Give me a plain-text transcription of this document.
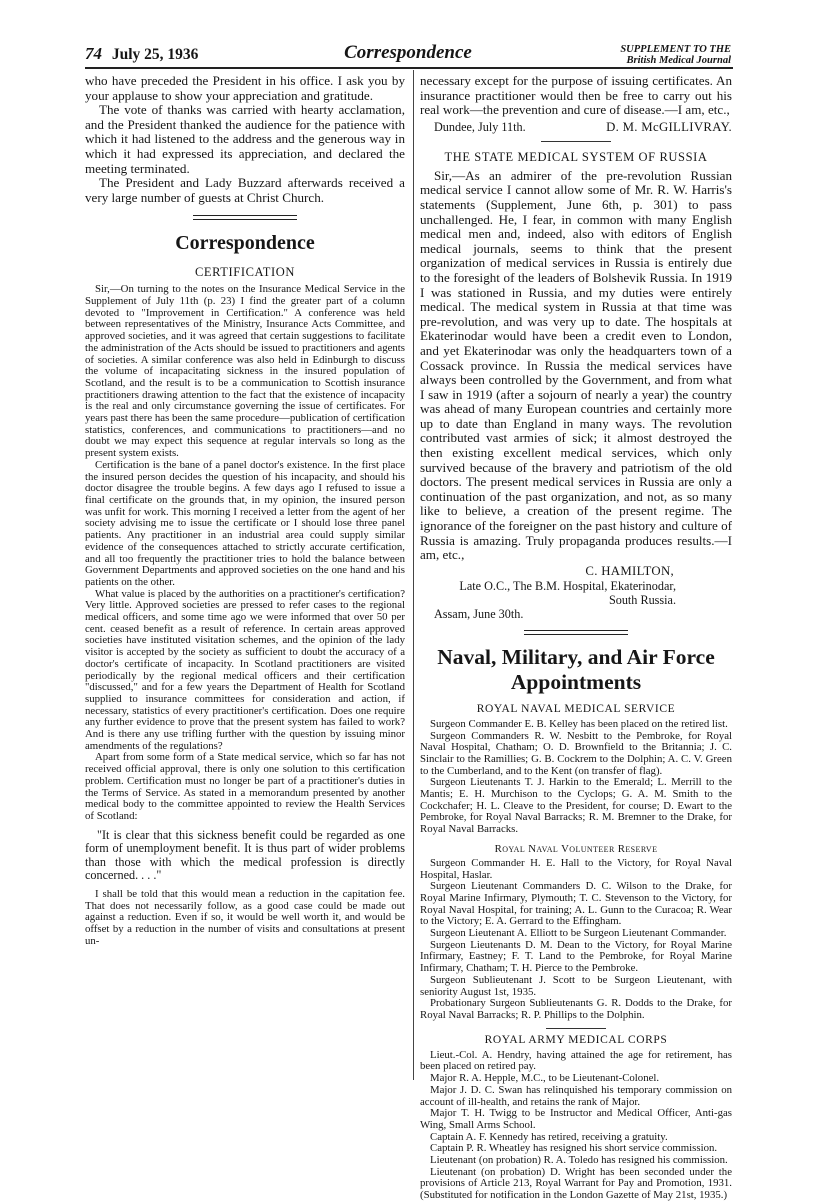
74 July 25, 1936	Correspondence	SUPPLEMENT TO THE
British Medical Journal

who have preceded the President in his office. I ask you by your applause to show your appreciation and gratitude.

The vote of thanks was carried with hearty acclamation, and the President thanked the audience for the patience with which it had listened to the address and the generous way in which it had expressed its appreciation, and declared the meeting terminated.

The President and Lady Buzzard afterwards received a very large number of guests at Christ Church.

Correspondence
CERTIFICATION

Sir,—On turning to the notes on the Insurance Medical Service in the Supplement of July 11th (p. 23) I find the greater part of a column devoted to "Improvement in Certification." A conference was held between representatives of the Ministry, Insurance Acts Committee, and approved societies, and it was agreed that certain suggestions to facilitate the administration of the Acts should be issued to practitioners and agents of societies. A similar conference was also held in Edinburgh to discuss the volume of incapacitating sickness in the insured population of Scotland, and the result is to be a communication to Scottish insurance practitioners drawing attention to the fact that the existence of incapacity is the real and only circumstance governing the issue of certificates. For years past there has been the same procedure—publication of certification statistics, conferences, and communications to practitioners—and no doubt we may expect this sequence at regular intervals so long as the present system exists.

Certification is the bane of a panel doctor's existence. In the first place the insured person decides the question of his incapacity, and should his doctor disagree the trouble begins. A few days ago I refused to issue a final certificate on the grounds that, in my opinion, the insured person was unfit for work. This morning I received a letter from the agent of her society advising me to issue the certificate or I should lose three panel patients. Any practitioner in an industrial area could supply similar evidence of the consequences attached to strictly accurate certification, and all too frequently the practitioner tries to hold the balance between Government Departments and approved societies on the one hand and his patients on the other.

What value is placed by the authorities on a practitioner's certification? Very little. Approved societies are pressed to refer cases to the regional medical officers, and some time ago we were informed that over 50 per cent. ceased benefit as a result of reference. In certain areas approved societies have instituted visitation schemes, and the opinion of the lady visitor is accepted by the society as sufficient to doubt the accuracy of a doctor's certificate of incapacity. In Scotland practitioners are visited periodically by the regional medical officers and their certification "discussed," and for a few years the Department of Health for Scotland supplied to insurance committees for consideration and action, if necessary, statistics of every practitioner's certification. Does one require any further evidence to prove that the present system has failed to work? And is there any use trifling further with the question by issuing minor amendments of the regulations?

Apart from some form of a State medical service, which so far has not received official approval, there is only one solution to this certification problem. Certification must no longer be part of a practitioner's duties in the Terms of Service. As stated in a memorandum presented by another medical body to the committee appointed to review the Health Services of Scotland:

"It is clear that this sickness benefit could be regarded as one form of unemployment benefit. It is thus part of wider problems than those with which the medical profession is directly concerned. . . ."

I shall be told that this would mean a reduction in the capitation fee. That does not necessarily follow, as a good case could be made out against a reduction. Even if so, it would be well worth it, and would be offset by a reduction in the number of visits and consultations at present un-

necessary except for the purpose of issuing certificates. An insurance practitioner would then be free to carry out his real work—the prevention and cure of disease.—I am, etc.,

Dundee, July 11th.	D. M. McGILLIVRAY.
THE STATE MEDICAL SYSTEM OF RUSSIA

Sir,—As an admirer of the pre-revolution Russian medical service I cannot allow some of Mr. R. W. Harris's statements (Supplement, June 6th, p. 301) to pass unchallenged. He, I fear, in common with many English medical men and, indeed, also with editors of English medical journals, seems to think that the present organization of medical services in Russia is entirely due to the foresight of the leaders of Bolshevik Russia. In 1919 I was stationed in Russia, and my duties were entirely medical. The medical system in Russia at that time was pre-revolution, and was very up to date. The hospitals at Ekaterinodar would have been a credit even to London, and yet Ekaterinodar was only the headquarters town of a Cossack province. In Russia the medical services have always been controlled by the Government, and from what I saw in 1919 (after a sojourn of nearly a year) the country was ahead of many European countries and certainly more up to date than England in many ways. The revolution contributed vast armies of sick; it almost destroyed the then existing excellent medical services, which only survived because of the bravery and patriotism of the old doctors. The present medical services in Russia are only a continuation of the past organization, and not, as so many like to believe, a creation of the present regime. The ignorance of the foreigner on the past history and culture of Russia is amazing. Truly propaganda produces results.—I am, etc.,

C. HAMILTON,
Late O.C., The B.M. Hospital, Ekaterinodar,
South Russia.
Assam, June 30th.
Naval, Military, and Air Force Appointments
ROYAL NAVAL MEDICAL SERVICE

Surgeon Commander E. B. Kelley has been placed on the retired list.

Surgeon Commanders R. W. Nesbitt to the Pembroke, for Royal Naval Hospital, Chatham; O. D. Brownfield to the Britannia; J. C. Sinclair to the Ramillies; G. B. Cockrem to the Dolphin; A. C. V. Green to the Cumberland, and to the Kent (on transfer of flag).

Surgeon Lieutenants T. J. Harkin to the Emerald; L. Merrill to the Mantis; E. H. Murchison to the Cyclops; G. A. M. Smith to the Cockchafer; H. L. Cleave to the President, for course; D. Ewart to the Pembroke, for Royal Naval Barracks; R. M. Bremner to the Drake, for Royal Naval Barracks.

Royal Naval Volunteer Reserve

Surgeon Commander H. E. Hall to the Victory, for Royal Naval Hospital, Haslar.

Surgeon Lieutenant Commanders D. C. Wilson to the Drake, for Royal Marine Infirmary, Plymouth; T. C. Stevenson to the Victory, for Royal Naval Hospital, for training; A. L. Gunn to the Curacoa; R. Wear to the Victory; E. A. Gerrard to the Effingham.

Surgeon Lieutenant A. Elliott to be Surgeon Lieutenant Commander.

Surgeon Lieutenants D. M. Dean to the Victory, for Royal Marine Infirmary, Eastney; F. T. Land to the Pembroke, for Royal Marine Infirmary, Chatham; T. H. Pierce to the Pembroke.

Surgeon Sublieutenant J. Scott to be Surgeon Lieutenant, with seniority August 1st, 1935.

Probationary Surgeon Sublieutenants G. R. Dodds to the Drake, for Royal Naval Barracks; R. P. Phillips to the Dolphin.

ROYAL ARMY MEDICAL CORPS

Lieut.-Col. A. Hendry, having attained the age for retirement, has been placed on retired pay.

Major R. A. Hepple, M.C., to be Lieutenant-Colonel.

Major J. D. C. Swan has relinquished his temporary commission on account of ill-health, and retains the rank of Major.

Major T. H. Twigg to be Instructor and Medical Officer, Anti-gas Wing, Small Arms School.

Captain A. F. Kennedy has retired, receiving a gratuity.

Captain P. R. Wheatley has resigned his short service commission.

Lieutenant (on probation) R. A. Toledo has resigned his commission.

Lieutenant (on probation) D. Wright has been seconded under the provisions of Article 213, Royal Warrant for Pay and Promotion, 1931. (Substituted for notification in the London Gazette of May 21st, 1935.)
